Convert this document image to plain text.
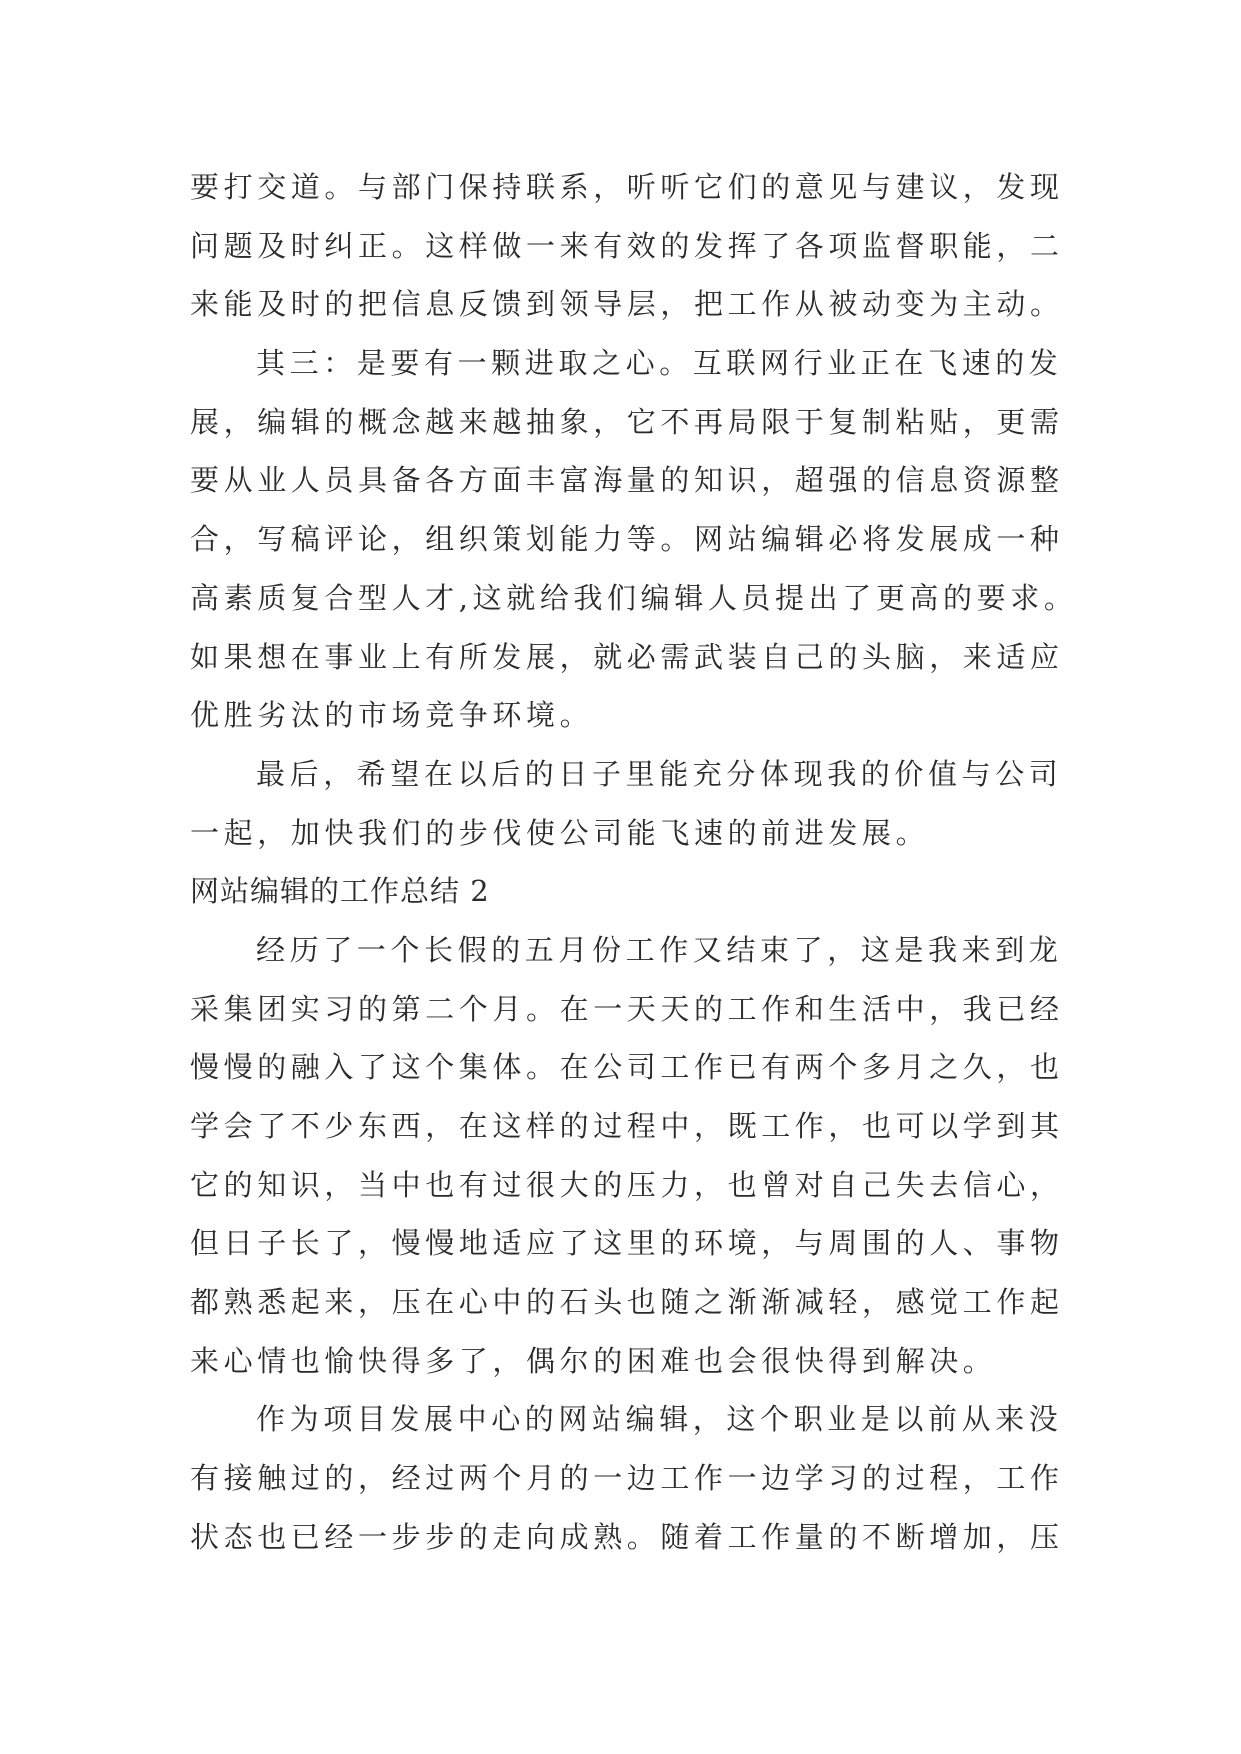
要打交道。与部门保持联系，听听它们的意见与建议，发现
问题及时纠正。这样做一来有效的发挥了各项监督职能，二
来能及时的把信息反馈到领导层，把工作从被动变为主动。
其三：是要有一颗进取之心。互联网行业正在飞速的发
展，编辑的概念越来越抽象，它不再局限于复制粘贴，更需
要从业人员具备各方面丰富海量的知识，超强的信息资源整
合，写稿评论，组织策划能力等。网站编辑必将发展成一种
高素质复合型人才,这就给我们编辑人员提出了更高的要求。
如果想在事业上有所发展，就必需武装自己的头脑，来适应
优胜劣汰的市场竞争环境。
最后，希望在以后的日子里能充分体现我的价值与公司
一起，加快我们的步伐使公司能飞速的前进发展。
网站编辑的工作总结 2
经历了一个长假的五月份工作又结束了，这是我来到龙
采集团实习的第二个月。在一天天的工作和生活中，我已经
慢慢的融入了这个集体。在公司工作已有两个多月之久，也
学会了不少东西，在这样的过程中，既工作，也可以学到其
它的知识，当中也有过很大的压力，也曾对自己失去信心，
但日子长了，慢慢地适应了这里的环境，与周围的人、事物
都熟悉起来，压在心中的石头也随之渐渐减轻，感觉工作起
来心情也愉快得多了，偶尔的困难也会很快得到解决。
作为项目发展中心的网站编辑，这个职业是以前从来没
有接触过的，经过两个月的一边工作一边学习的过程，工作
状态也已经一步步的走向成熟。随着工作量的不断增加，压
